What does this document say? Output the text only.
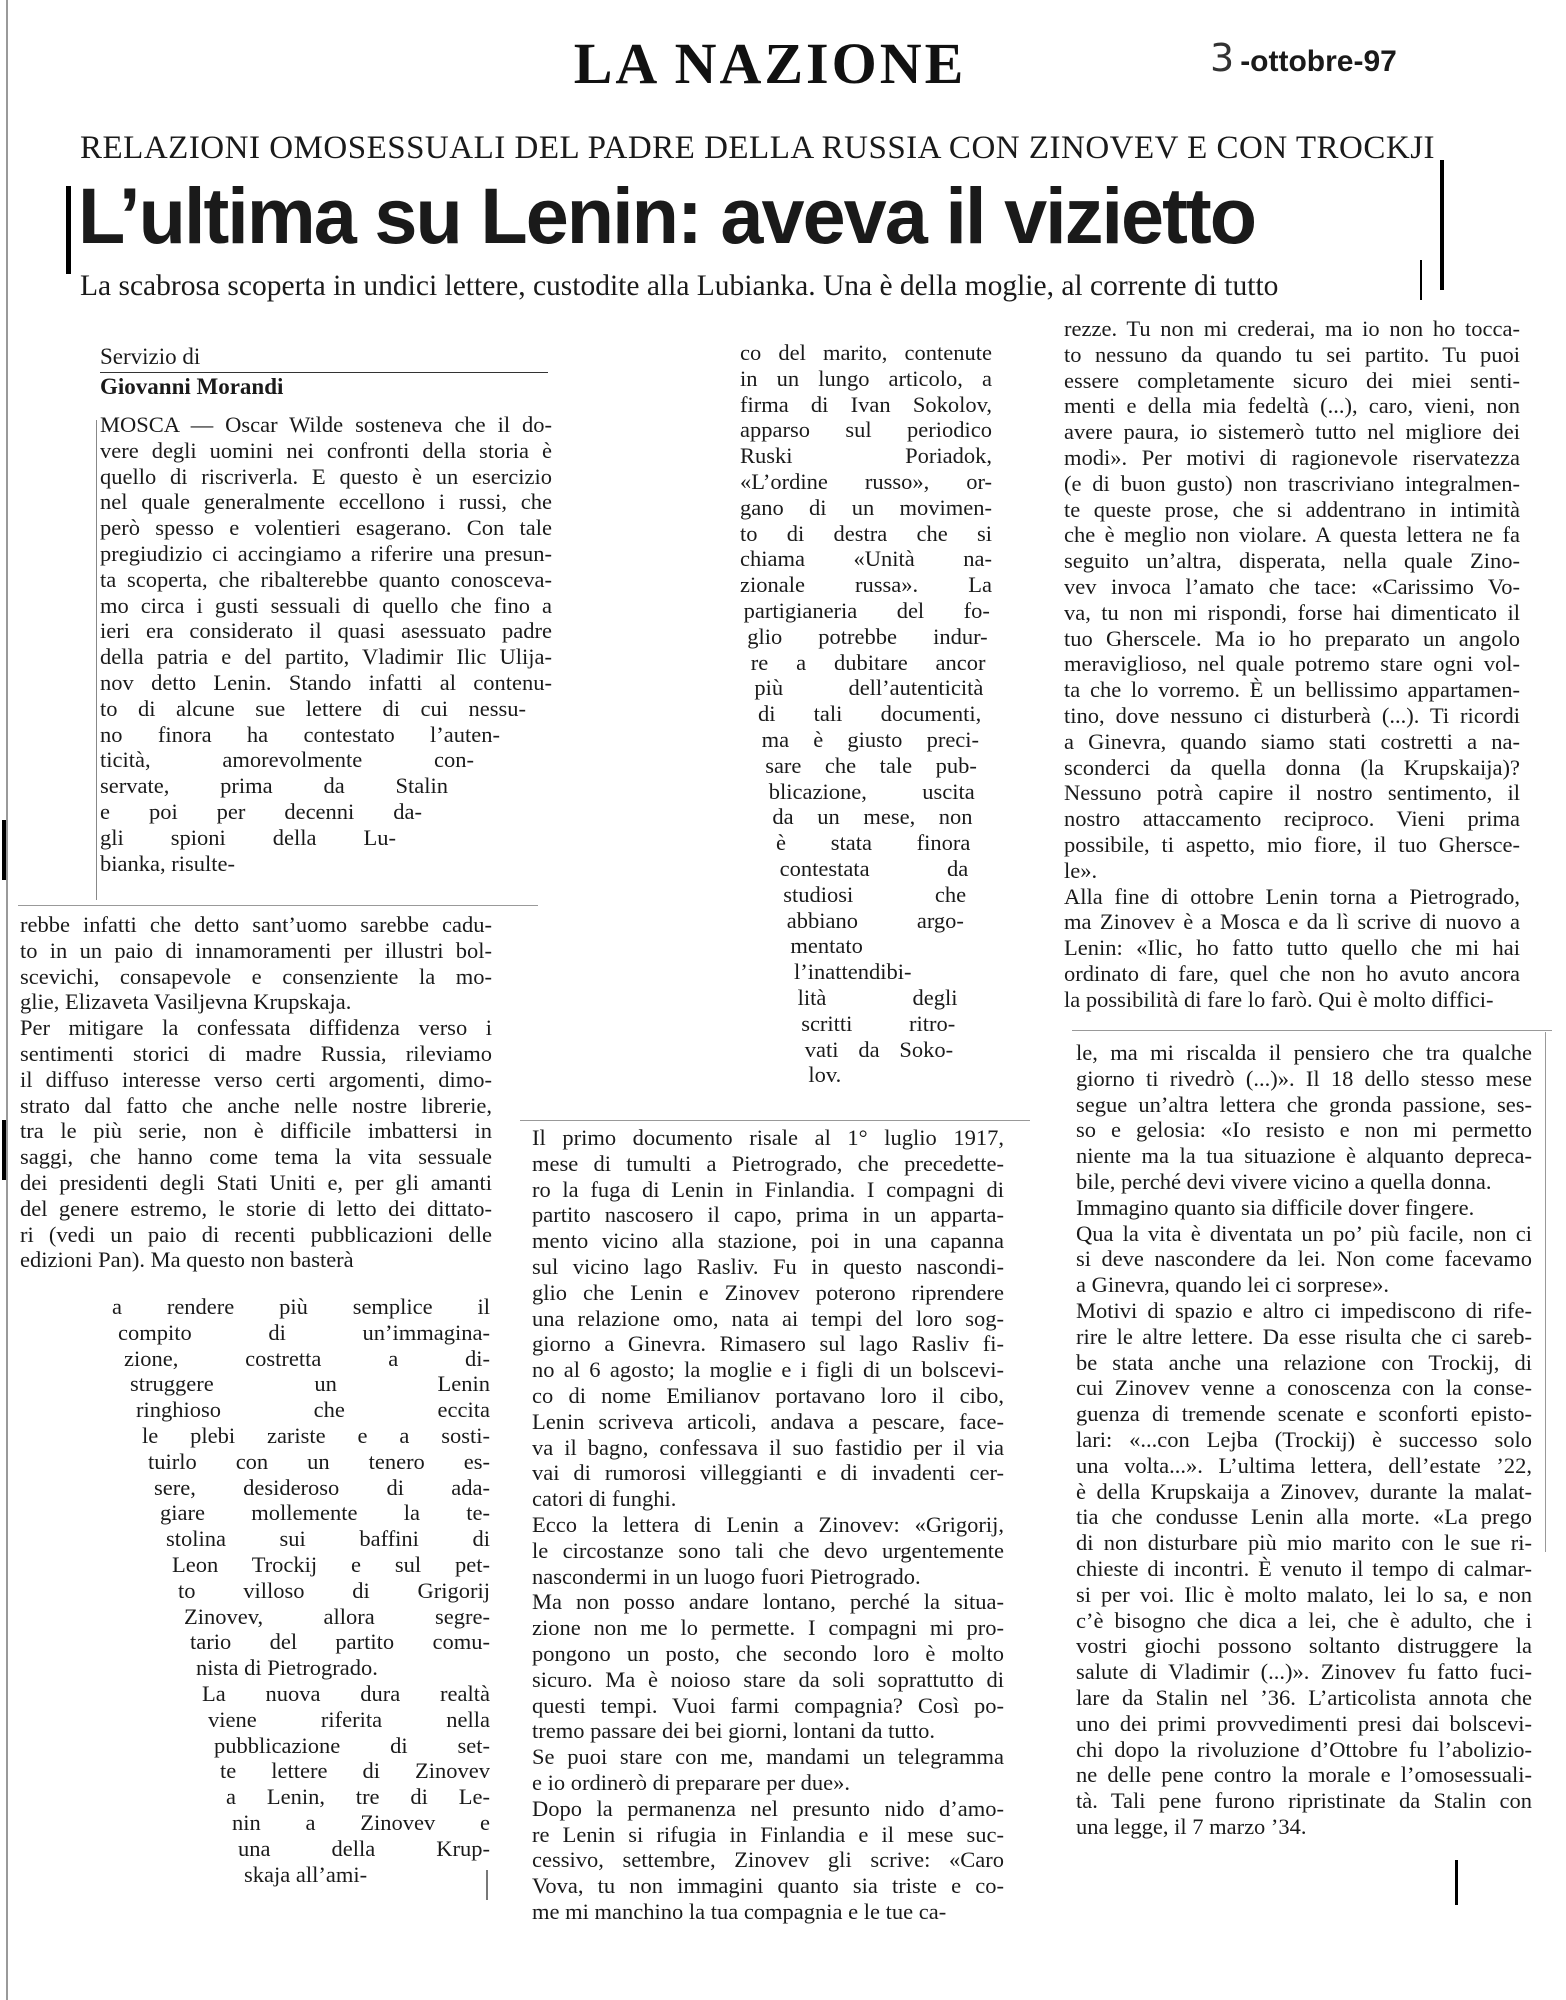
LA NAZIONE	3 -ottobre-97
RELAZIONI OMOSESSUALI DEL PADRE DELLA RUSSIA CON ZINOVEV E CON TROCKJI
L’ultima su Lenin: aveva il vizietto
La scabrosa scoperta in undici lettere, custodite alla Lubianka. Una è della moglie, al corrente di tutto
Servizio di
Giovanni Morandi
MOSCA — Oscar Wilde sosteneva che il do-
vere degli uomini nei confronti della storia è
quello di riscriverla. E questo è un esercizio
nel quale generalmente eccellono i russi, che
però spesso e volentieri esagerano. Con tale
pregiudizio ci accingiamo a riferire una presun-
ta scoperta, che ribalterebbe quanto conosceva-
mo circa i gusti sessuali di quello che fino a
ieri era considerato il quasi asessuato padre
della patria e del partito, Vladimir Ilic Ulija-
nov detto Lenin. Stando infatti al contenu-
to di alcune sue lettere di cui nessu-
no finora ha contestato l’auten-
ticità, amorevolmente con-
servate, prima da Stalin
e poi per decenni da-
gli spioni della Lu-
bianka, risulte-
rebbe infatti che detto sant’uomo sarebbe cadu-
to in un paio di innamoramenti per illustri bol-
scevichi, consapevole e consenziente la mo-
glie, Elizaveta Vasiljevna Krupskaja.
Per mitigare la confessata diffidenza verso i
sentimenti storici di madre Russia, rileviamo
il diffuso interesse verso certi argomenti, dimo-
strato dal fatto che anche nelle nostre librerie,
tra le più serie, non è difficile imbattersi in
saggi, che hanno come tema la vita sessuale
dei presidenti degli Stati Uniti e, per gli amanti
del genere estremo, le storie di letto dei dittato-
ri (vedi un paio di recenti pubblicazioni delle
edizioni Pan). Ma questo non basterà
a rendere più semplice il
compito di un’immagina-
zione, costretta a di-
struggere un Lenin
ringhioso che eccita
le plebi zariste e a sosti-
tuirlo con un tenero es-
sere, desideroso di ada-
giare mollemente la te-
stolina sui baffini di
Leon Trockij e sul pet-
to villoso di Grigorij
Zinovev, allora segre-
tario del partito comu-
nista di Pietrogrado.
La nuova dura realtà
viene riferita nella
pubblicazione di set-
te lettere di Zinovev
a Lenin, tre di Le-
nin a Zinovev e
una della Krup-
skaja all’ami-
co del marito, contenute
in un lungo articolo, a
firma di Ivan Sokolov,
apparso sul periodico
Ruski Poriadok,
«L’ordine russo», or-
gano di un movimen-
to di destra che si
chiama «Unità na-
zionale russa». La
partigianeria del fo-
glio potrebbe indur-
re a dubitare ancor
più dell’autenticità
di tali documenti,
ma è giusto preci-
sare che tale pub-
blicazione, uscita
da un mese, non
è stata finora
contestata da
studiosi che
abbiano argo-
mentato
l’inattendibi-
lità degli
scritti ritro-
vati da Soko-
lov.
Il primo documento risale al 1° luglio 1917,
mese di tumulti a Pietrogrado, che precedette-
ro la fuga di Lenin in Finlandia. I compagni di
partito nascosero il capo, prima in un apparta-
mento vicino alla stazione, poi in una capanna
sul vicino lago Rasliv. Fu in questo nascondi-
glio che Lenin e Zinovev poterono riprendere
una relazione omo, nata ai tempi del loro sog-
giorno a Ginevra. Rimasero sul lago Rasliv fi-
no al 6 agosto; la moglie e i figli di un bolscevi-
co di nome Emilianov portavano loro il cibo,
Lenin scriveva articoli, andava a pescare, face-
va il bagno, confessava il suo fastidio per il via
vai di rumorosi villeggianti e di invadenti cer-
catori di funghi.
Ecco la lettera di Lenin a Zinovev: «Grigorij,
le circostanze sono tali che devo urgentemente
nascondermi in un luogo fuori Pietrogrado.
Ma non posso andare lontano, perché la situa-
zione non me lo permette. I compagni mi pro-
pongono un posto, che secondo loro è molto
sicuro. Ma è noioso stare da soli soprattutto di
questi tempi. Vuoi farmi compagnia? Così po-
tremo passare dei bei giorni, lontani da tutto.
Se puoi stare con me, mandami un telegramma
e io ordinerò di preparare per due».
Dopo la permanenza nel presunto nido d’amo-
re Lenin si rifugia in Finlandia e il mese suc-
cessivo, settembre, Zinovev gli scrive: «Caro
Vova, tu non immagini quanto sia triste e co-
me mi manchino la tua compagnia e le tue ca-
rezze. Tu non mi crederai, ma io non ho tocca-
to nessuno da quando tu sei partito. Tu puoi
essere completamente sicuro dei miei senti-
menti e della mia fedeltà (...), caro, vieni, non
avere paura, io sistemerò tutto nel migliore dei
modi». Per motivi di ragionevole riservatezza
(e di buon gusto) non trascriviano integralmen-
te queste prose, che si addentrano in intimità
che è meglio non violare. A questa lettera ne fa
seguito un’altra, disperata, nella quale Zino-
vev invoca l’amato che tace: «Carissimo Vo-
va, tu non mi rispondi, forse hai dimenticato il
tuo Gherscele. Ma io ho preparato un angolo
meraviglioso, nel quale potremo stare ogni vol-
ta che lo vorremo. È un bellissimo appartamen-
tino, dove nessuno ci disturberà (...). Ti ricordi
a Ginevra, quando siamo stati costretti a na-
sconderci da quella donna (la Krupskaija)?
Nessuno potrà capire il nostro sentimento, il
nostro attaccamento reciproco. Vieni prima
possibile, ti aspetto, mio fiore, il tuo Ghersce-
le».
Alla fine di ottobre Lenin torna a Pietrogrado,
ma Zinovev è a Mosca e da lì scrive di nuovo a
Lenin: «Ilic, ho fatto tutto quello che mi hai
ordinato di fare, quel che non ho avuto ancora
la possibilità di fare lo farò. Qui è molto diffici-
le, ma mi riscalda il pensiero che tra qualche
giorno ti rivedrò (...)». Il 18 dello stesso mese
segue un’altra lettera che gronda passione, ses-
so e gelosia: «Io resisto e non mi permetto
niente ma la tua situazione è alquanto depreca-
bile, perché devi vivere vicino a quella donna.
Immagino quanto sia difficile dover fingere.
Qua la vita è diventata un po’ più facile, non ci
si deve nascondere da lei. Non come facevamo
a Ginevra, quando lei ci sorprese».
Motivi di spazio e altro ci impediscono di rife-
rire le altre lettere. Da esse risulta che ci sareb-
be stata anche una relazione con Trockij, di
cui Zinovev venne a conoscenza con la conse-
guenza di tremende scenate e sconforti episto-
lari: «...con Lejba (Trockij) è successo solo
una volta...». L’ultima lettera, dell’estate ’22,
è della Krupskaija a Zinovev, durante la malat-
tia che condusse Lenin alla morte. «La prego
di non disturbare più mio marito con le sue ri-
chieste di incontri. È venuto il tempo di calmar-
si per voi. Ilic è molto malato, lei lo sa, e non
c’è bisogno che dica a lei, che è adulto, che i
vostri giochi possono soltanto distruggere la
salute di Vladimir (...)». Zinovev fu fatto fuci-
lare da Stalin nel ’36. L’articolista annota che
uno dei primi provvedimenti presi dai bolscevi-
chi dopo la rivoluzione d’Ottobre fu l’abolizio-
ne delle pene contro la morale e l’omosessuali-
tà. Tali pene furono ripristinate da Stalin con
una legge, il 7 marzo ’34.
